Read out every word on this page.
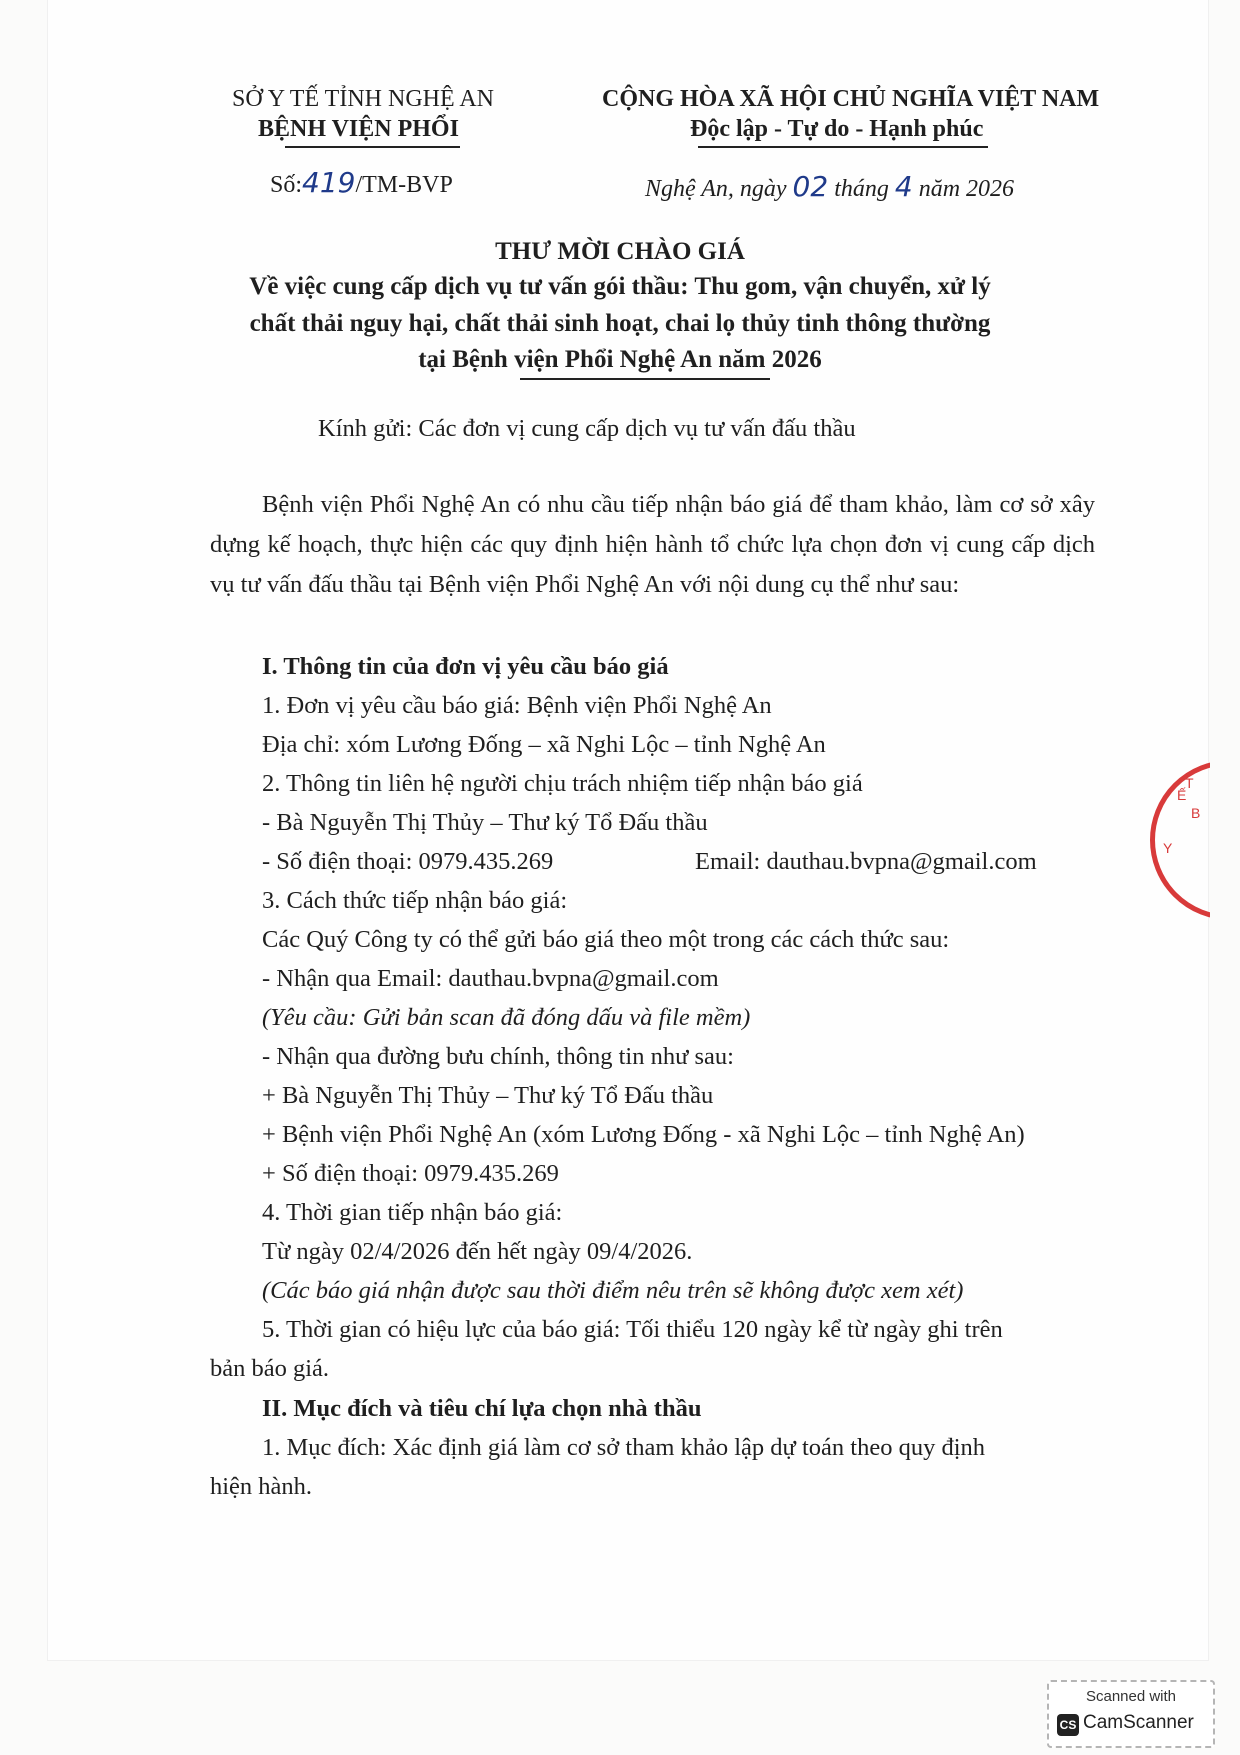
SỞ Y TẾ TỈNH NGHỆ AN
BỆNH VIỆN PHỔI
Số:419/TM-BVP
CỘNG HÒA XÃ HỘI CHỦ NGHĨA VIỆT NAM
Độc lập - Tự do - Hạnh phúc
Nghệ An, ngày 02 tháng 4 năm 2026
THƯ MỜI CHÀO GIÁ
Về việc cung cấp dịch vụ tư vấn gói thầu: Thu gom, vận chuyển, xử lý
chất thải nguy hại, chất thải sinh hoạt, chai lọ thủy tinh thông thường
tại Bệnh viện Phổi Nghệ An năm 2026
Kính gửi: Các đơn vị cung cấp dịch vụ tư vấn đấu thầu
Bệnh viện Phổi Nghệ An có nhu cầu tiếp nhận báo giá để tham khảo, làm cơ sở xây dựng kế hoạch, thực hiện các quy định hiện hành tổ chức lựa chọn đơn vị cung cấp dịch vụ tư vấn đấu thầu tại Bệnh viện Phổi Nghệ An với nội dung cụ thể như sau:
I. Thông tin của đơn vị yêu cầu báo giá
1. Đơn vị yêu cầu báo giá: Bệnh viện Phổi Nghệ An
Địa chỉ: xóm Lương Đống – xã Nghi Lộc – tỉnh Nghệ An
2. Thông tin liên hệ người chịu trách nhiệm tiếp nhận báo giá
- Bà Nguyễn Thị Thủy – Thư ký Tổ Đấu thầu
- Số điện thoại: 0979.435.269	Email: dauthau.bvpna@gmail.com
3. Cách thức tiếp nhận báo giá:
Các Quý Công ty có thể gửi báo giá theo một trong các cách thức sau:
- Nhận qua Email: dauthau.bvpna@gmail.com
(Yêu cầu: Gửi bản scan đã đóng dấu và file mềm)
- Nhận qua đường bưu chính, thông tin như sau:
+ Bà Nguyễn Thị Thủy – Thư ký Tổ Đấu thầu
+ Bệnh viện Phổi Nghệ An (xóm Lương Đống - xã Nghi Lộc – tỉnh Nghệ An)
+ Số điện thoại: 0979.435.269
4. Thời gian tiếp nhận báo giá:
Từ ngày 02/4/2026 đến hết ngày 09/4/2026.
(Các báo giá nhận được sau thời điểm nêu trên sẽ không được xem xét)
5. Thời gian có hiệu lực của báo giá: Tối thiểu 120 ngày kể từ ngày ghi trên
bản báo giá.
II. Mục đích và tiêu chí lựa chọn nhà thầu
1. Mục đích: Xác định giá làm cơ sở tham khảo lập dự toán theo quy định
hiện hành.
T
Ế
Y
B
Scanned with
CS CamScanner
